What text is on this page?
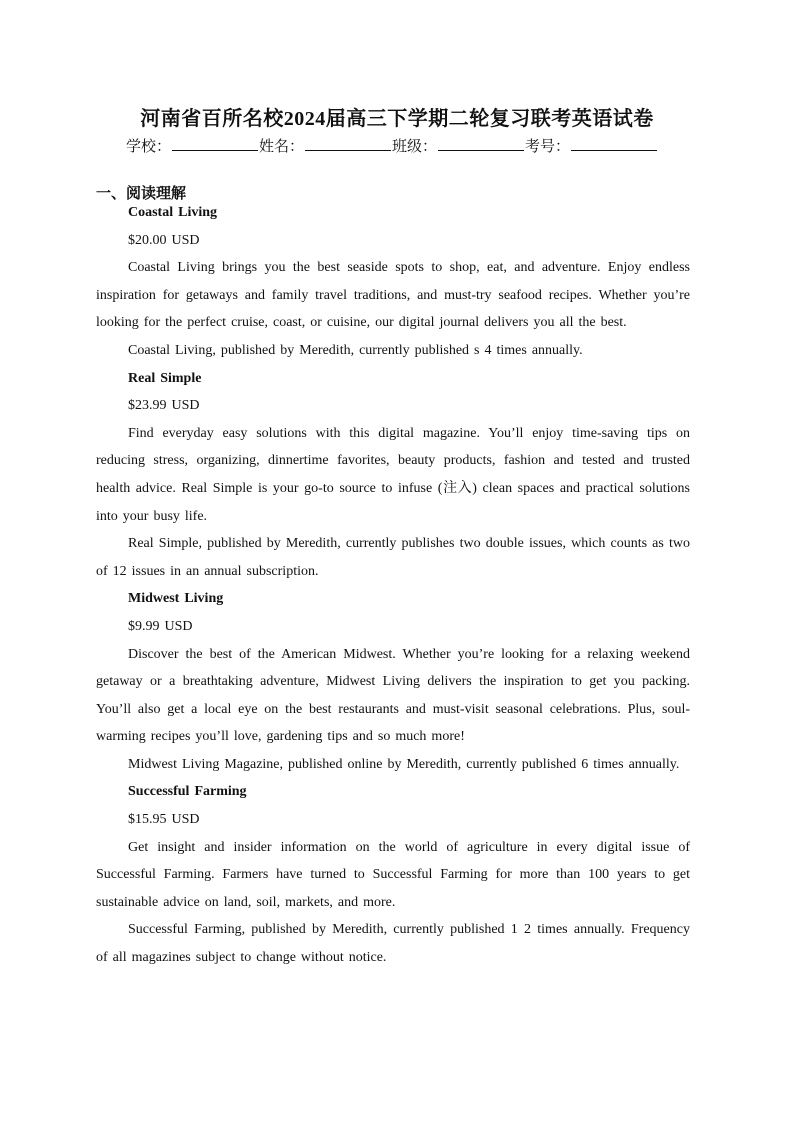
河南省百所名校2024届高三下学期二轮复习联考英语试卷
学校：	姓名：	班级：	考号：
一、阅读理解

Coastal Living

$20.00 USD

Coastal Living brings you the best seaside spots to shop, eat, and adventure. Enjoy endless inspiration for getaways and family travel traditions, and must-try seafood recipes. Whether you’re looking for the perfect cruise, coast, or cuisine, our digital journal delivers you all the best.

Coastal Living, published by Meredith, currently published s 4 times annually.

Real Simple

$23.99 USD

Find everyday easy solutions with this digital magazine. You’ll enjoy time-saving tips on reducing stress, organizing, dinnertime favorites, beauty products, fashion and tested and trusted health advice. Real Simple is your go-to source to infuse (注入) clean spaces and practical solutions into your busy life.

Real Simple, published by Meredith, currently publishes two double issues, which counts as two of 12 issues in an annual subscription.

Midwest Living

$9.99 USD

Discover the best of the American Midwest. Whether you’re looking for a relaxing weekend getaway or a breathtaking adventure, Midwest Living delivers the inspiration to get you packing. You’ll also get a local eye on the best restaurants and must-visit seasonal celebrations. Plus, soul-warming recipes you’ll love, gardening tips and so much more!

Midwest Living Magazine, published online by Meredith, currently published 6 times annually.

Successful Farming

$15.95 USD

Get insight and insider information on the world of agriculture in every digital issue of Successful Farming. Farmers have turned to Successful Farming for more than 100 years to get sustainable advice on land, soil, markets, and more.

Successful Farming, published by Meredith, currently published 1 2 times annually. Frequency of all magazines subject to change without notice.
